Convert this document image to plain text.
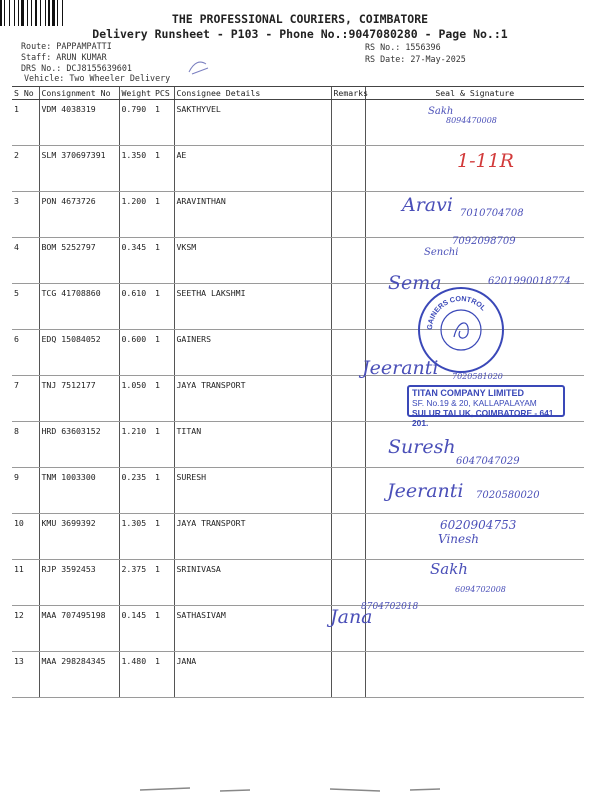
THE PROFESSIONAL COURIERS, COIMBATORE
Delivery Runsheet - P103 - Phone No.:9047080280 - Page No.:1
Route: PAPPAMPATTI
Staff: ARUN KUMAR
DRS No.: DCJ8155639601
Vehicle: Two Wheeler Delivery
RS No.: 1556396
RS Date: 27-May-2025
S No	Consignment No	Weight	PCS	Consignee Details	Remarks	Seal & Signature
1	VDM 4038319	0.790	1	SAKTHYVEL		
2	SLM 370697391	1.350	1	AE		
3	PON 4673726	1.200	1	ARAVINTHAN		
4	BOM 5252797	0.345	1	VKSM		
5	TCG 41708860	0.610	1	SEETHA LAKSHMI		
6	EDQ 15084052	0.600	1	GAINERS		
7	TNJ 7512177	1.050	1	JAYA TRANSPORT		
8	HRD 63603152	1.210	1	TITAN		
9	TNM 1003300	0.235	1	SURESH		
10	KMU 3699392	1.305	1	JAYA TRANSPORT		
11	RJP 3592453	2.375	1	SRINIVASA		
12	MAA 707495198	0.145	1	SATHASIVAM		
13	MAA 298284345	1.480	1	JANA		
Sakh
8094470008
1-11R
Aravi 7010704708
7092098709
Senchi
Sema	6201990018774
Jeeranti 7020581020
Suresh
6047047029
Jeeranti 7020580020
6020904753
Vinesh
Sakh
6094702008
Jana
8704702018
GAINERS CONTROL
TITAN COMPANY LIMITED
SF. No.19 & 20, KALLAPALAYAM
SULUR TALUK, COIMBATORE - 641 201.
